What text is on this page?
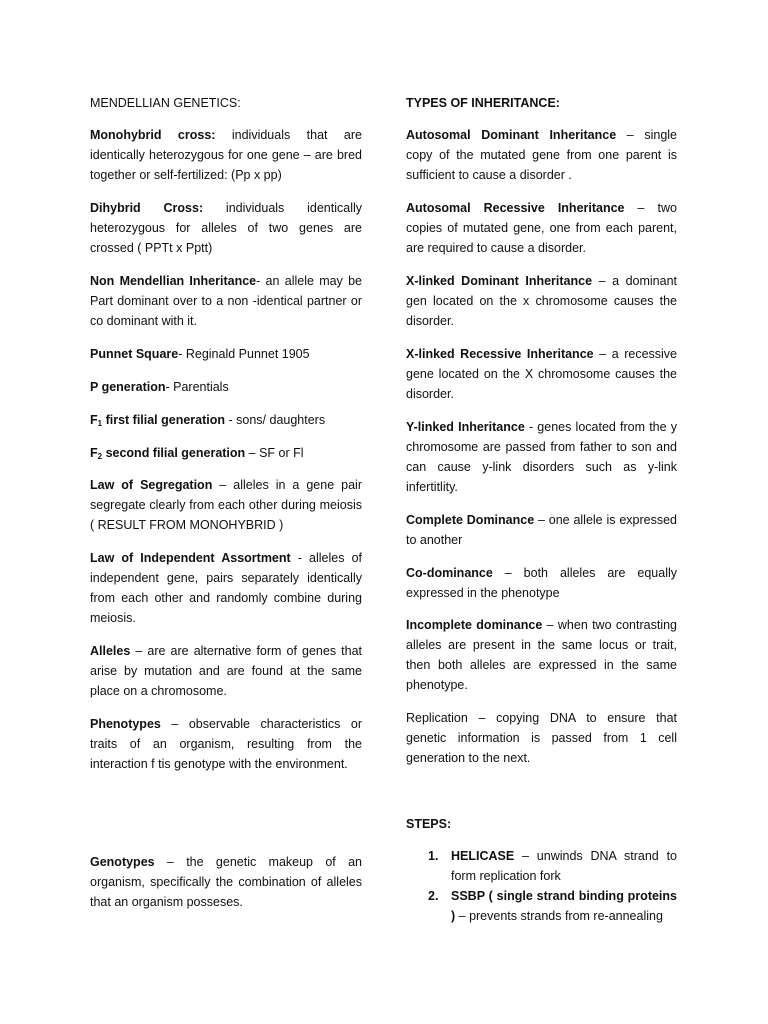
MENDELLIAN GENETICS:
Monohybrid cross: individuals that are identically heterozygous for one gene – are bred together or self-fertilized: (Pp x pp)
Dihybrid Cross: individuals identically heterozygous for alleles of two genes are crossed ( PPTt x Pptt)
Non Mendellian Inheritance- an allele may be Part dominant over to a non -identical partner or co dominant with it.
Punnet Square- Reginald Punnet 1905
P generation- Parentials
$F_1$ first filial generation - sons/ daughters
$F_2$ second filial generation – SF or Fl
Law of Segregation – alleles in a gene pair segregate clearly from each other during meiosis ( RESULT FROM MONOHYBRID )
Law of Independent Assortment - alleles of independent gene, pairs separately identically from each other and randomly combine during meiosis.
Alleles – are are alternative form of genes that arise by mutation and are found at the same place on a chromosome.
Phenotypes – observable characteristics or traits of an organism, resulting from the interaction f tis genotype with the environment.
Genotypes – the genetic makeup of an organism, specifically the combination of alleles that an organism posseses.
TYPES OF INHERITANCE:
Autosomal Dominant Inheritance – single copy of the mutated gene from one parent is sufficient to cause a disorder .
Autosomal Recessive Inheritance – two copies of mutated gene, one from each parent, are required to cause a disorder.
X-linked Dominant Inheritance – a dominant gen located on the x chromosome causes the disorder.
X-linked Recessive Inheritance – a recessive gene located on the X chromosome causes the disorder.
Y-linked Inheritance - genes located from the y chromosome are passed from father to son and can cause y-link disorders such as y-link infertitlity.
Complete Dominance – one allele is expressed to another
Co-dominance – both alleles are equally expressed in the phenotype
Incomplete dominance – when two contrasting alleles are present in the same locus or trait, then both alleles are expressed in the same phenotype.
Replication – copying DNA to ensure that genetic information is passed from 1 cell generation to the next.
STEPS:
1. HELICASE – unwinds DNA strand to form replication fork
2. SSBP ( single strand binding proteins ) – prevents strands from re-annealing
